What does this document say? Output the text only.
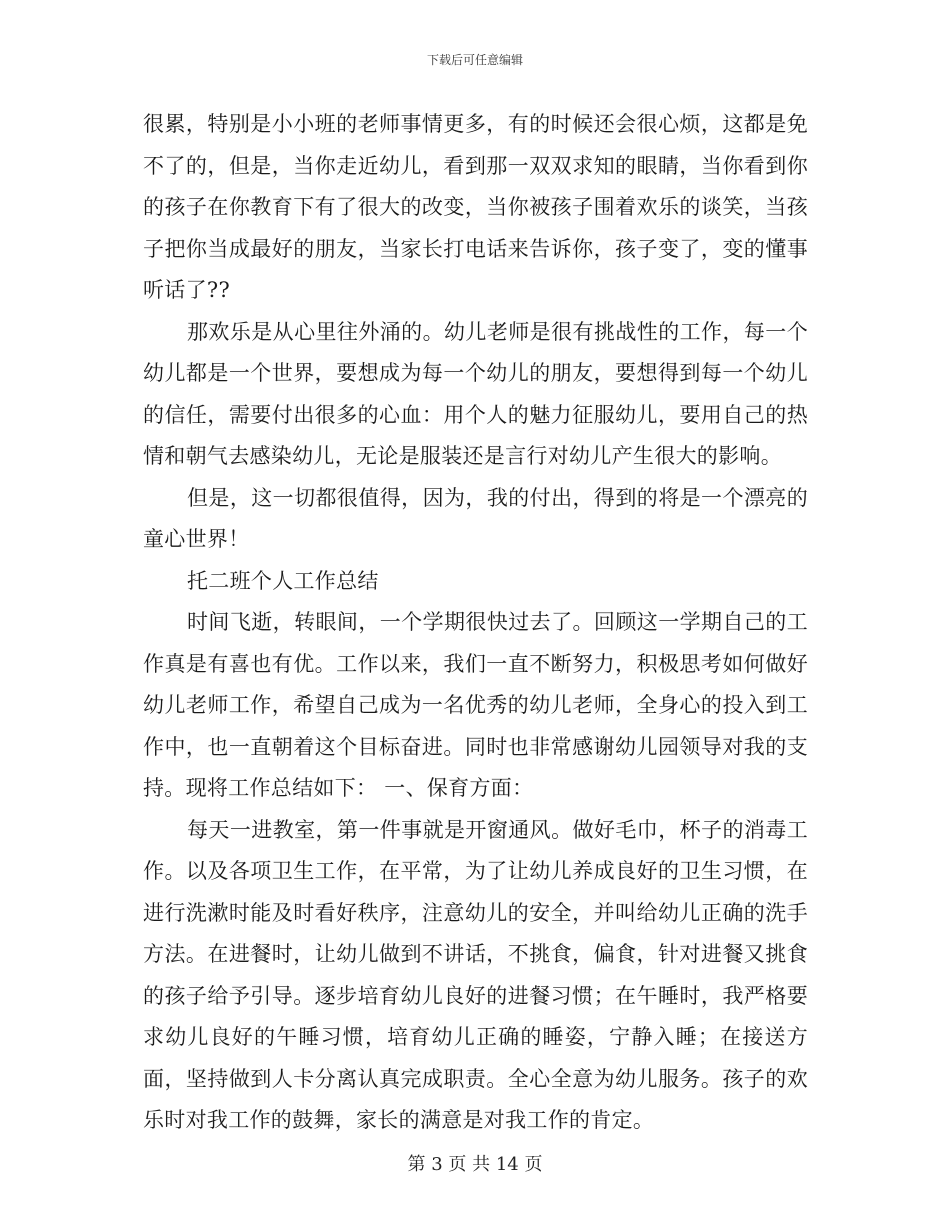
下载后可任意编辑

很累，特别是小小班的老师事情更多，有的时候还会很心烦，这都是免不了的，但是，当你走近幼儿，看到那一双双求知的眼睛，当你看到你的孩子在你教育下有了很大的改变，当你被孩子围着欢乐的谈笑，当孩子把你当成最好的朋友，当家长打电话来告诉你，孩子变了，变的懂事听话了??

那欢乐是从心里往外涌的。幼儿老师是很有挑战性的工作，每一个幼儿都是一个世界，要想成为每一个幼儿的朋友，要想得到每一个幼儿的信任，需要付出很多的心血：用个人的魅力征服幼儿，要用自己的热情和朝气去感染幼儿，无论是服装还是言行对幼儿产生很大的影响。

但是，这一切都很值得，因为，我的付出，得到的将是一个漂亮的童心世界！

托二班个人工作总结

时间飞逝，转眼间，一个学期很快过去了。回顾这一学期自己的工作真是有喜也有优。工作以来，我们一直不断努力，积极思考如何做好幼儿老师工作，希望自己成为一名优秀的幼儿老师，全身心的投入到工作中，也一直朝着这个目标奋进。同时也非常感谢幼儿园领导对我的支持。现将工作总结如下： 一、保育方面：

每天一进教室，第一件事就是开窗通风。做好毛巾，杯子的消毒工作。以及各项卫生工作，在平常，为了让幼儿养成良好的卫生习惯，在进行洗漱时能及时看好秩序，注意幼儿的安全，并叫给幼儿正确的洗手方法。在进餐时，让幼儿做到不讲话，不挑食，偏食，针对进餐又挑食的孩子给予引导。逐步培育幼儿良好的进餐习惯；在午睡时，我严格要求幼儿良好的午睡习惯，培育幼儿正确的睡姿，宁静入睡；在接送方面，坚持做到人卡分离认真完成职责。全心全意为幼儿服务。孩子的欢乐时对我工作的鼓舞，家长的满意是对我工作的肯定。

第 3 页 共 14 页
